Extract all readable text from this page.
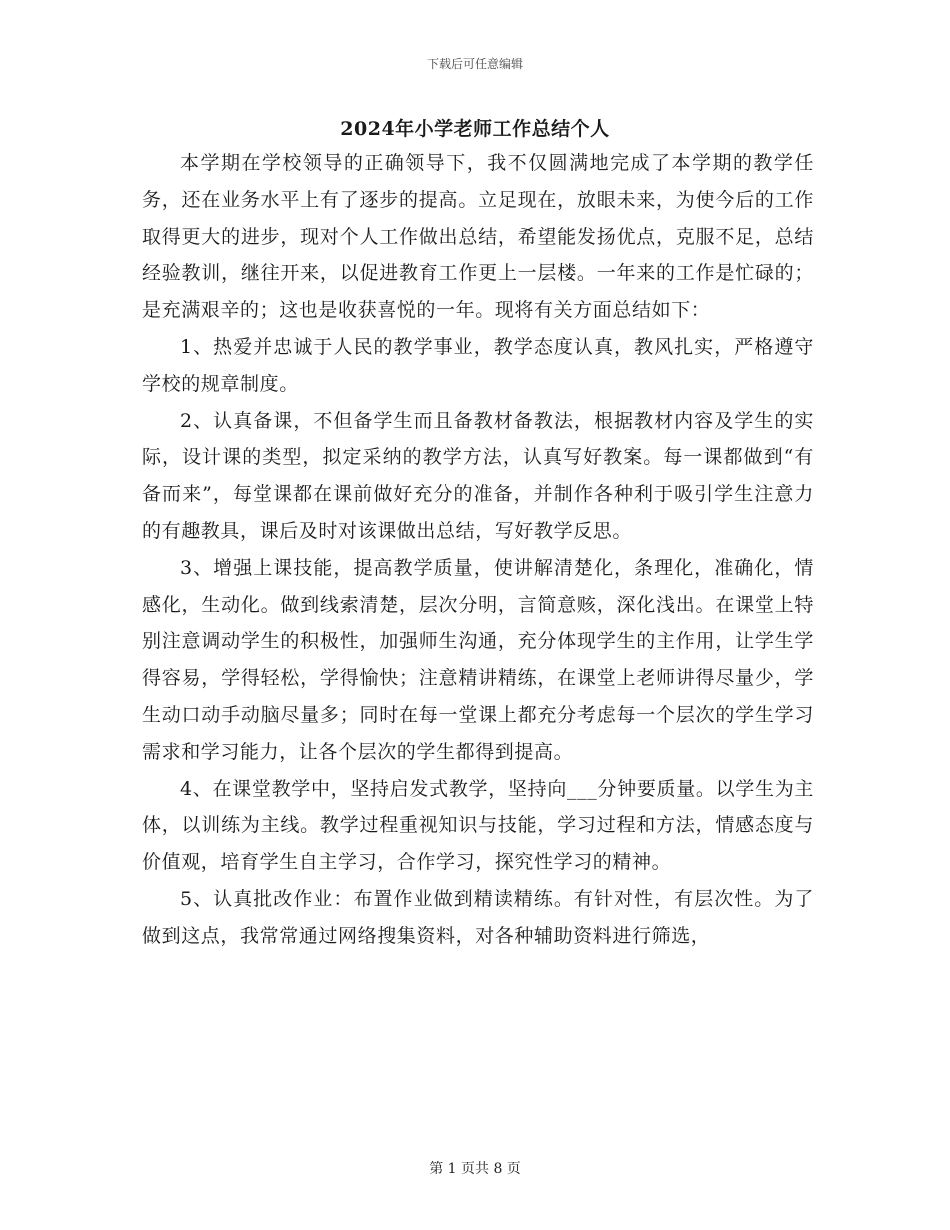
下载后可任意编辑
2024年小学老师工作总结个人

本学期在学校领导的正确领导下，我不仅圆满地完成了本学期的教学任务，还在业务水平上有了逐步的提高。立足现在，放眼未来，为使今后的工作取得更大的进步，现对个人工作做出总结，希望能发扬优点，克服不足，总结经验教训，继往开来，以促进教育工作更上一层楼。一年来的工作是忙碌的；是充满艰辛的；这也是收获喜悦的一年。现将有关方面总结如下：

1、热爱并忠诚于人民的教学事业，教学态度认真，教风扎实，严格遵守学校的规章制度。

2、认真备课，不但备学生而且备教材备教法，根据教材内容及学生的实际，设计课的类型，拟定采纳的教学方法，认真写好教案。每一课都做到“有备而来”，每堂课都在课前做好充分的准备，并制作各种利于吸引学生注意力的有趣教具，课后及时对该课做出总结，写好教学反思。

3、增强上课技能，提高教学质量，使讲解清楚化，条理化，准确化，情感化，生动化。做到线索清楚，层次分明，言简意赅，深化浅出。在课堂上特别注意调动学生的积极性，加强师生沟通，充分体现学生的主作用，让学生学得容易，学得轻松，学得愉快；注意精讲精练，在课堂上老师讲得尽量少，学生动口动手动脑尽量多；同时在每一堂课上都充分考虑每一个层次的学生学习需求和学习能力，让各个层次的学生都得到提高。

4、在课堂教学中，坚持启发式教学，坚持向___分钟要质量。以学生为主体，以训练为主线。教学过程重视知识与技能，学习过程和方法，情感态度与价值观，培育学生自主学习，合作学习，探究性学习的精神。

5、认真批改作业：布置作业做到精读精练。有针对性，有层次性。为了做到这点，我常常通过网络搜集资料，对各种辅助资料进行筛选，

第 1 页共 8 页
